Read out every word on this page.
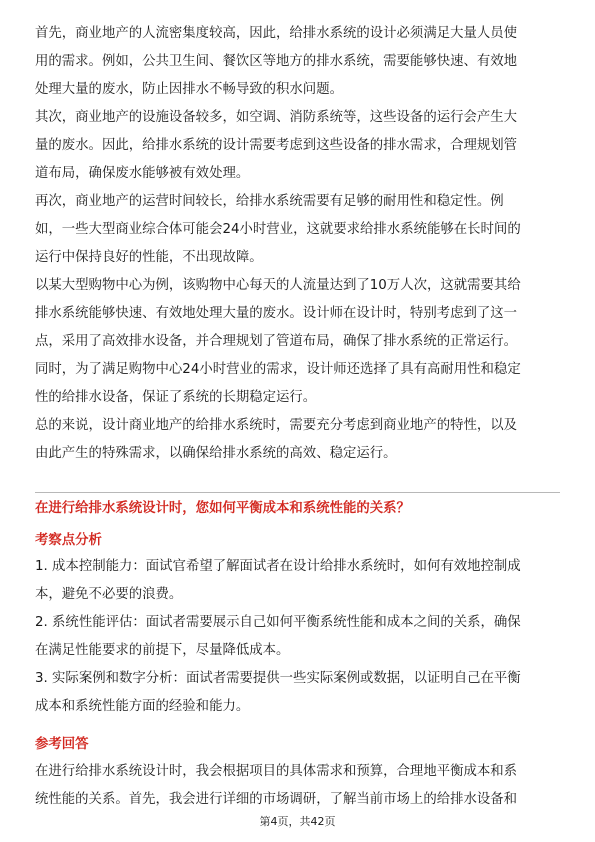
首先，商业地产的人流密集度较高，因此，给排水系统的设计必须满足大量人员使
用的需求。例如，公共卫生间、餐饮区等地方的排水系统，需要能够快速、有效地
处理大量的废水，防止因排水不畅导致的积水问题。

其次，商业地产的设施设备较多，如空调、消防系统等，这些设备的运行会产生大
量的废水。因此，给排水系统的设计需要考虑到这些设备的排水需求，合理规划管
道布局，确保废水能够被有效处理。

再次，商业地产的运营时间较长，给排水系统需要有足够的耐用性和稳定性。例
如，一些大型商业综合体可能会24小时营业，这就要求给排水系统能够在长时间的
运行中保持良好的性能，不出现故障。

以某大型购物中心为例，该购物中心每天的人流量达到了10万人次，这就需要其给
排水系统能够快速、有效地处理大量的废水。设计师在设计时，特别考虑到了这一
点，采用了高效排水设备，并合理规划了管道布局，确保了排水系统的正常运行。
同时，为了满足购物中心24小时营业的需求，设计师还选择了具有高耐用性和稳定
性的给排水设备，保证了系统的长期稳定运行。

总的来说，设计商业地产的给排水系统时，需要充分考虑到商业地产的特性，以及
由此产生的特殊需求，以确保给排水系统的高效、稳定运行。

在进行给排水系统设计时，您如何平衡成本和系统性能的关系？
考察点分析

1. 成本控制能力：面试官希望了解面试者在设计给排水系统时，如何有效地控制成
本，避免不必要的浪费。

2. 系统性能评估：面试者需要展示自己如何平衡系统性能和成本之间的关系，确保
在满足性能要求的前提下，尽量降低成本。

3. 实际案例和数字分析：面试者需要提供一些实际案例或数据，以证明自己在平衡
成本和系统性能方面的经验和能力。

参考回答

在进行给排水系统设计时，我会根据项目的具体需求和预算，合理地平衡成本和系
统性能的关系。首先，我会进行详细的市场调研，了解当前市场上的给排水设备和

第4页，共42页
